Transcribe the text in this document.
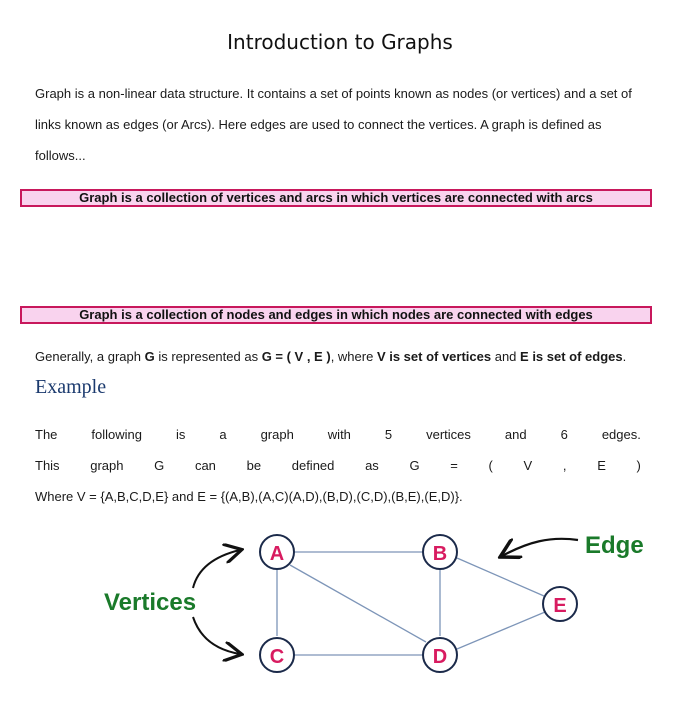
Introduction to Graphs
Graph is a non-linear data structure. It contains a set of points known as nodes (or vertices) and a set of links known as edges (or Arcs). Here edges are used to connect the vertices. A graph is defined as follows...
Graph is a collection of vertices and arcs in which vertices are connected with arcs
Graph is a collection of nodes and edges in which nodes are connected with edges
Generally, a graph G is represented as G = ( V , E ), where V is set of vertices and E is set of edges.
Example
The	following	is	a	graph	with	5	vertices	and	6	edges.
This graph G can be defined as G = ( V , E )
Where V = {A,B,C,D,E} and E = {(A,B),(A,C)(A,D),(B,D),(C,D),(B,E),(E,D)}.
A	B
C	D
E
Vertices
Edge
